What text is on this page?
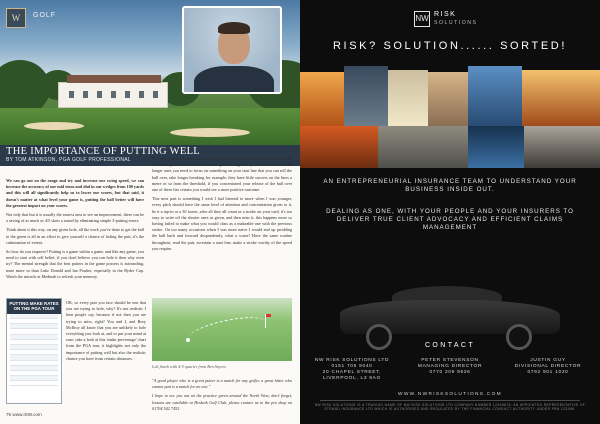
W	GOLF
THE IMPORTANCE OF PUTTING WELL
BY TOM ATKINSON, PGA GOLF PROFESSIONAL

We can go out on the range and try and increase our swing speed, we can increase the accuracy of our mid irons and dial in our wedges from 100 yards and this will all significantly help us to lower our scores, but that said, it doesn't matter at what level your game is, putting the ball better will have the greatest impact on your scores.

Not only that but it is usually the easiest area to see an improvement, there can be a saving of as much as 4/5 shots a round by eliminating simple 3-putting errors.

Think about it this way, on any given hole, all the work you've done to get the ball to the green is all in an effort to give yourself a chance of holing the putt, it's the culmination of events.

So how do you improve? Putting is a game within a game, and like any game, you need to start with self belief, if you don't believe you can hole it then why even try? The mental strength that the best putters in the game possess is astounding, none more so than Luke Donald and Ian Poulter, especially in the Ryder Cup. Watch the miracle at Medinah to refresh your memory.

Too many people I coach and play with are fixated with the holes on longer putts, on shorter putts we are fine as a more specific target for you to aim at but on the longer ones you need to focus on something on your start line that you can roll the ball over, take longer breaking for example; they have little success on the lines a metre or so from the threshold, if you concentrated your release of the ball over one of these lies certain you would see a more positive outcome.

This next part is something I wish I had listened to more when I was younger, every pitch should have the same level of attention and concentration given to it, be it a tap-in or a 30 footer, after all they all count as a stroke on your card, it's too easy to write off the shorter ones as given, and then miss it, this happens more so having failed to make what you would class as a makeable one with the previous stroke. On too many occasions when I was more naive I would end up prodding the ball back and forward despondently, what a waste! Have the same routine throughout, read the putt, ascertain a start line, make a stroke worthy of the speed you require.

PUTTING MAKE RATES ON THE PGA TOUR

OK, so every putt you face should be one that you are trying to hole, why? It's not realistic I hear people say, because if not then you are trying to miss, right? You and I, and Rory McIlroy all know that you are unlikely to hole everything you look at, and to put your mind at ease, take a look at this 'make percentage' chart from the PGA tour, it highlights not only the importance of putting well but also the realistic chance you have from certain distances.

Lob finish with 4-5 quarter from Ben Sayers

"A good player who is a great putter is a match for any golfer, a great hitter who cannot putt is a match for no one."

I hope to see you out on the practice green around the North West, don't forget, lessons are available at Hesketh Golf Club, please contact us to the pro shop on 01704 542 7453.

76 www.ISW.com
NW RISK
SOLUTIONS
RISK? SOLUTION...... SORTED!
AN ENTREPRENEURIAL INSURANCE TEAM TO UNDERSTAND YOUR BUSINESS INSIDE OUT.
DEALING AS ONE, WITH YOUR PEOPLE AND YOUR INSURERS TO DELIVER TRUE CLIENT ADVOCACY AND EFFICIENT CLAIMS MANAGEMENT
CONTACT
NW RISK SOLUTIONS LTD
0151 705 9040
20 CHAPEL STREET,
LIVERPOOL, L3 9AG
PETER STEVENSON
MANAGING DIRECTOR
0770 209 9626
JUSTIN GUY
DIVISIONAL DIRECTOR
0792 901 1020
WWW.NWRISKSOLUTIONS.COM
NW RISK SOLUTIONS IS A TRADING NAME OF NW RISK SOLUTIONS LTD COMPANY NUMBER 12345678. AN APPOINTED REPRESENTATIVE OF STRAND INSURANCE LTD WHICH IS AUTHORISED AND REGULATED BY THE FINANCIAL CONDUCT AUTHORITY UNDER FRN 123456.
